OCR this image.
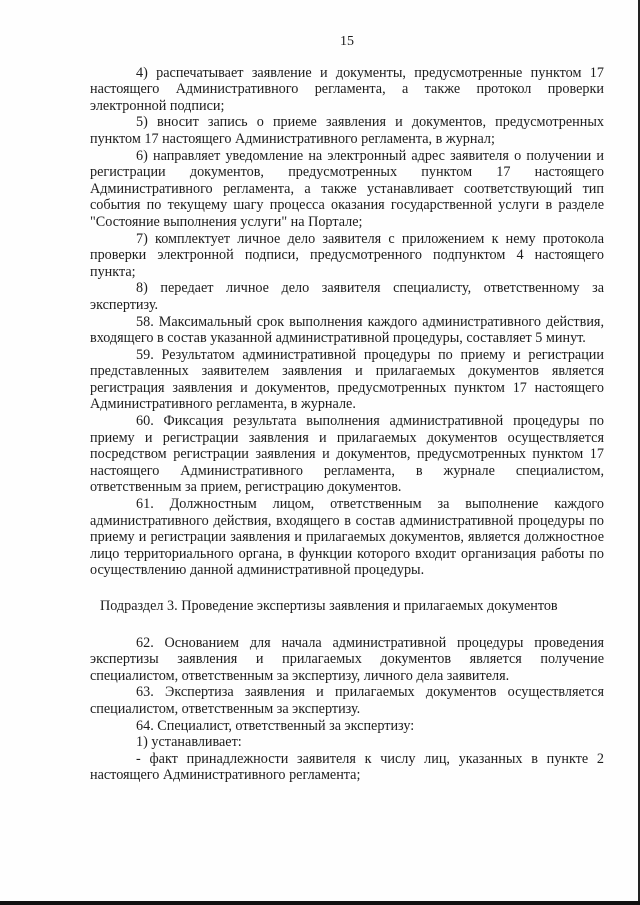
15

4) распечатывает заявление и документы, предусмотренные пунктом 17 настоящего Административного регламента, а также протокол проверки электронной подписи;

5) вносит запись о приеме заявления и документов, предусмотренных пунктом 17 настоящего Административного регламента, в журнал;

6) направляет уведомление на электронный адрес заявителя о получении и регистрации документов, предусмотренных пунктом 17 настоящего Административного регламента, а также устанавливает соответствующий тип события по текущему шагу процесса оказания государственной услуги в разделе "Состояние выполнения услуги" на Портале;

7) комплектует личное дело заявителя с приложением к нему протокола проверки электронной подписи, предусмотренного подпунктом 4 настоящего пункта;

8) передает личное дело заявителя специалисту, ответственному за экспертизу.

58. Максимальный срок выполнения каждого административного действия, входящего в состав указанной административной процедуры, составляет 5 минут.

59. Результатом административной процедуры по приему и регистрации представленных заявителем заявления и прилагаемых документов является регистрация заявления и документов, предусмотренных пунктом 17 настоящего Административного регламента, в журнале.

60. Фиксация результата выполнения административной процедуры по приему и регистрации заявления и прилагаемых документов осуществляется посредством регистрации заявления и документов, предусмотренных пунктом 17 настоящего Административного регламента, в журнале специалистом, ответственным за прием, регистрацию документов.

61. Должностным лицом, ответственным за выполнение каждого административного действия, входящего в состав административной процедуры по приему и регистрации заявления и прилагаемых документов, является должностное лицо территориального органа, в функции которого входит организация работы по осуществлению данной административной процедуры.

Подраздел 3. Проведение экспертизы заявления и прилагаемых документов

62. Основанием для начала административной процедуры проведения экспертизы заявления и прилагаемых документов является получение специалистом, ответственным за экспертизу, личного дела заявителя.

63. Экспертиза заявления и прилагаемых документов осуществляется специалистом, ответственным за экспертизу.

64. Специалист, ответственный за экспертизу:

1) устанавливает:

- факт принадлежности заявителя к числу лиц, указанных в пункте 2 настоящего Административного регламента;
